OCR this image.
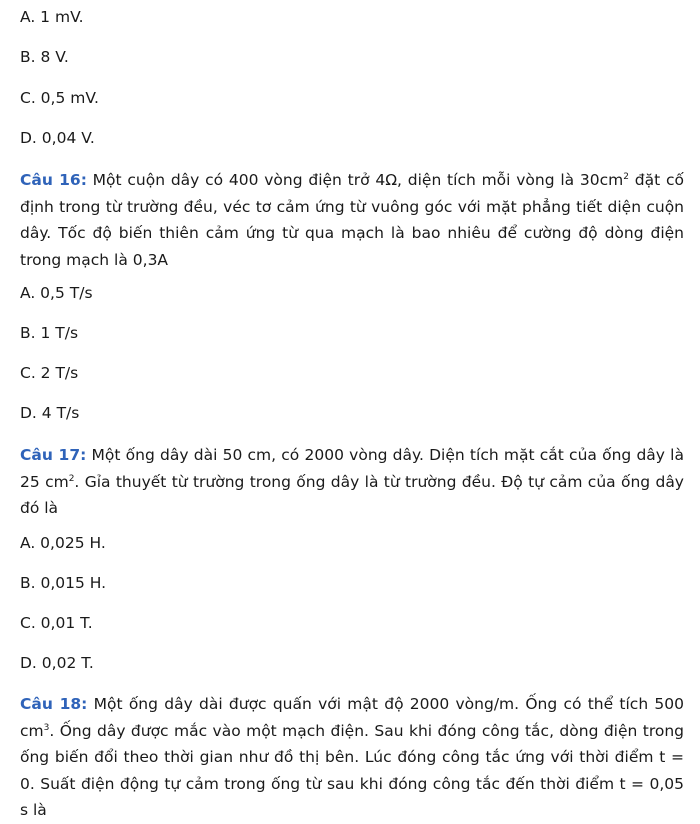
A. 1 mV.
B. 8 V.
C. 0,5 mV.
D. 0,04 V.
Câu 16: Một cuộn dây có 400 vòng điện trở 4Ω, diện tích mỗi vòng là $30cm^2$ đặt cố định trong từ trường đều, véc tơ cảm ứng từ vuông góc với mặt phẳng tiết diện cuộn dây. Tốc độ biến thiên cảm ứng từ qua mạch là bao nhiêu để cường độ dòng điện trong mạch là 0,3A
A. 0,5 T/s
B. 1 T/s
C. 2 T/s
D. 4 T/s
Câu 17: Một ống dây dài 50 cm, có 2000 vòng dây. Diện tích mặt cắt của ống dây là 25 $cm^2$. Gỉa thuyết từ trường trong ống dây là từ trường đều. Độ tự cảm của ống dây đó là
A. 0,025 H.
B. 0,015 H.
C. 0,01 T.
D. 0,02 T.
Câu 18: Một ống dây dài được quấn với mật độ 2000 vòng/m. Ống có thể tích 500 $cm^3$. Ống dây được mắc vào một mạch điện. Sau khi đóng công tắc, dòng điện trong ống biến đổi theo thời gian như đồ thị bên. Lúc đóng công tắc ứng với thời điểm t = 0. Suất điện động tự cảm trong ống từ sau khi đóng công tắc đến thời điểm t = 0,05 s là
